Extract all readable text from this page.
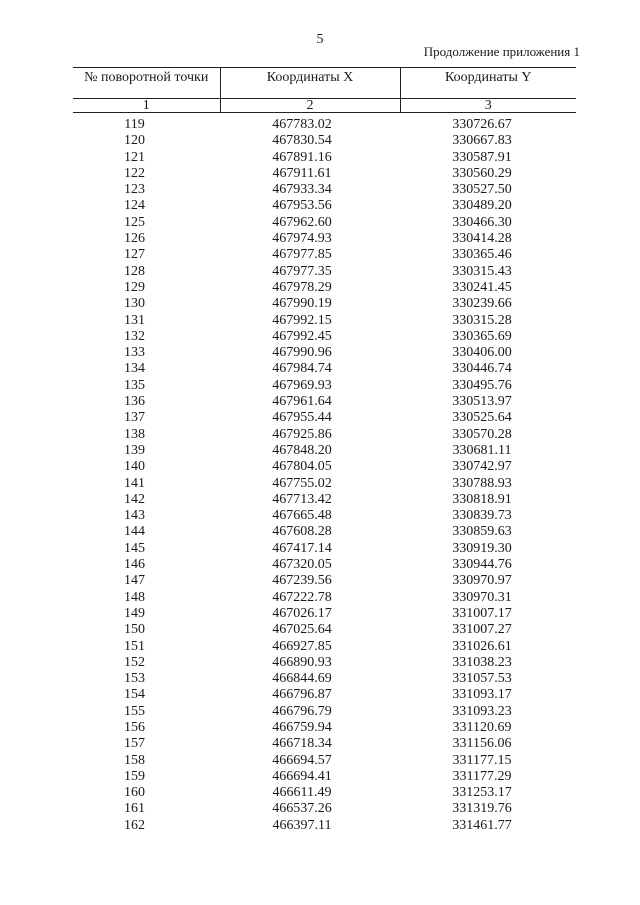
5
Продолжение приложения 1
№ поворотной точки	Координаты X	Координаты Y
1	2	3
119	467783.02	330726.67
120	467830.54	330667.83
121	467891.16	330587.91
122	467911.61	330560.29
123	467933.34	330527.50
124	467953.56	330489.20
125	467962.60	330466.30
126	467974.93	330414.28
127	467977.85	330365.46
128	467977.35	330315.43
129	467978.29	330241.45
130	467990.19	330239.66
131	467992.15	330315.28
132	467992.45	330365.69
133	467990.96	330406.00
134	467984.74	330446.74
135	467969.93	330495.76
136	467961.64	330513.97
137	467955.44	330525.64
138	467925.86	330570.28
139	467848.20	330681.11
140	467804.05	330742.97
141	467755.02	330788.93
142	467713.42	330818.91
143	467665.48	330839.73
144	467608.28	330859.63
145	467417.14	330919.30
146	467320.05	330944.76
147	467239.56	330970.97
148	467222.78	330970.31
149	467026.17	331007.17
150	467025.64	331007.27
151	466927.85	331026.61
152	466890.93	331038.23
153	466844.69	331057.53
154	466796.87	331093.17
155	466796.79	331093.23
156	466759.94	331120.69
157	466718.34	331156.06
158	466694.57	331177.15
159	466694.41	331177.29
160	466611.49	331253.17
161	466537.26	331319.76
162	466397.11	331461.77
